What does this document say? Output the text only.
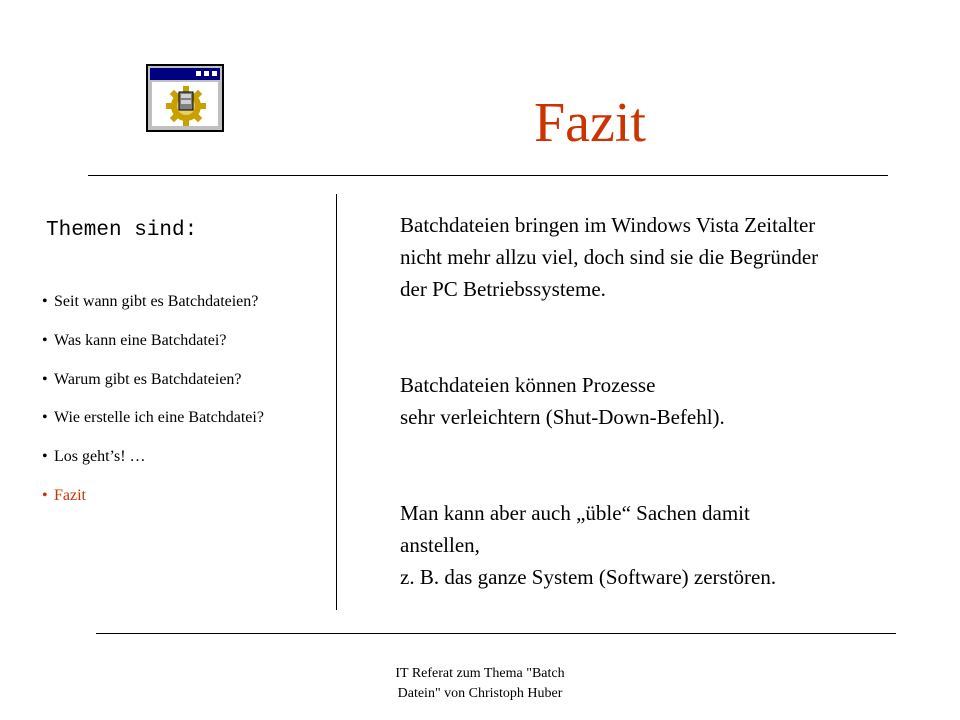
Fazit
Themen sind:
• Seit wann gibt es Batchdateien?
• Was kann eine Batchdatei?
• Warum gibt es Batchdateien?
• Wie erstelle ich eine Batchdatei?
• Los geht’s! …
• Fazit
Batchdateien bringen im Windows Vista Zeitalter
nicht mehr allzu viel, doch sind sie die Begründer
der PC Betriebssysteme.
Batchdateien können Prozesse
sehr verleichtern (Shut-Down-Befehl).
Man kann aber auch „üble“ Sachen damit
anstellen,
z. B. das ganze System (Software) zerstören.
IT Referat zum Thema "Batch
Datein" von Christoph Huber
